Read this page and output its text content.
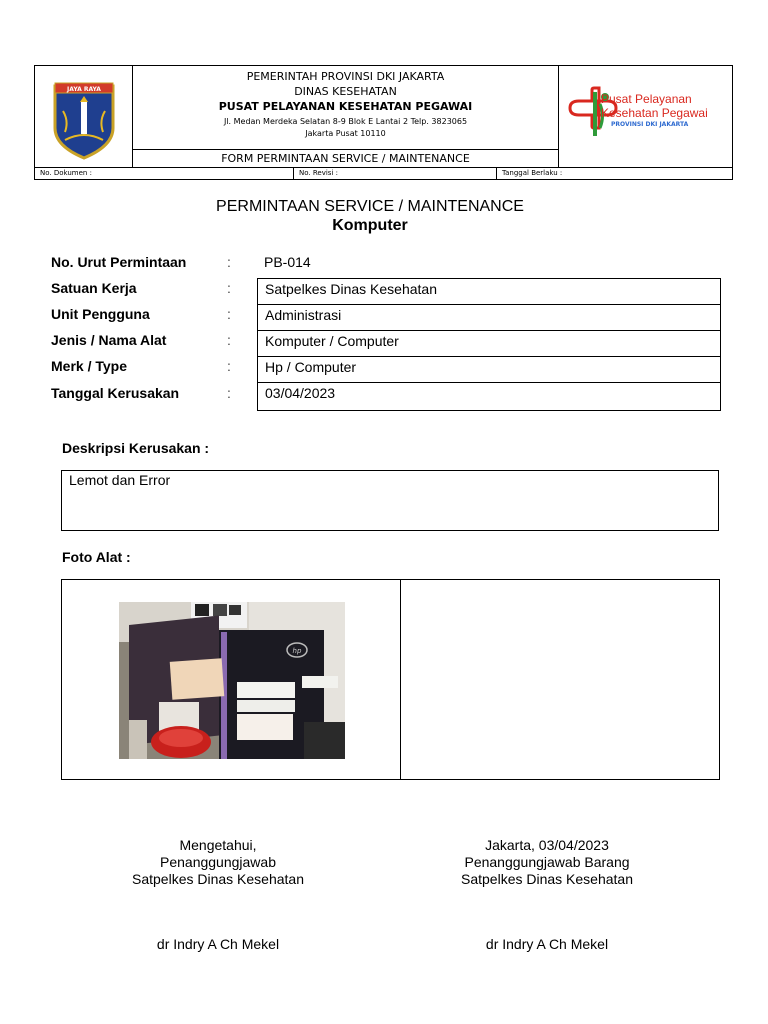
JAYA RAYA
PEMERINTAH PROVINSI DKI JAKARTA
DINAS KESEHATAN
PUSAT PELAYANAN KESEHATAN PEGAWAI
Jl. Medan Merdeka Selatan 8-9 Blok E Lantai 2 Telp. 3823065
Jakarta Pusat 10110
FORM PERMINTAAN SERVICE / MAINTENANCE
Pusat Pelayanan
Kesehatan Pegawai
PROVINSI DKI JAKARTA
No. Dokumen :	No. Revisi :	Tanggal Berlaku :
PERMINTAAN SERVICE / MAINTENANCE
Komputer
No. Urut Permintaan	: PB-014
Satuan Kerja	:	Satpelkes Dinas Kesehatan
Unit Pengguna	:	Administrasi
Jenis / Nama Alat	:	Komputer / Computer
Merk / Type	:	Hp / Computer
Tanggal Kerusakan	:	03/04/2023
Deskripsi Kerusakan :
Lemot dan Error
Foto Alat :
hp
Mengetahui,
Penanggungjawab
Satpelkes Dinas Kesehatan
dr Indry A Ch Mekel
Jakarta, 03/04/2023
Penanggungjawab Barang
Satpelkes Dinas Kesehatan
dr Indry A Ch Mekel
